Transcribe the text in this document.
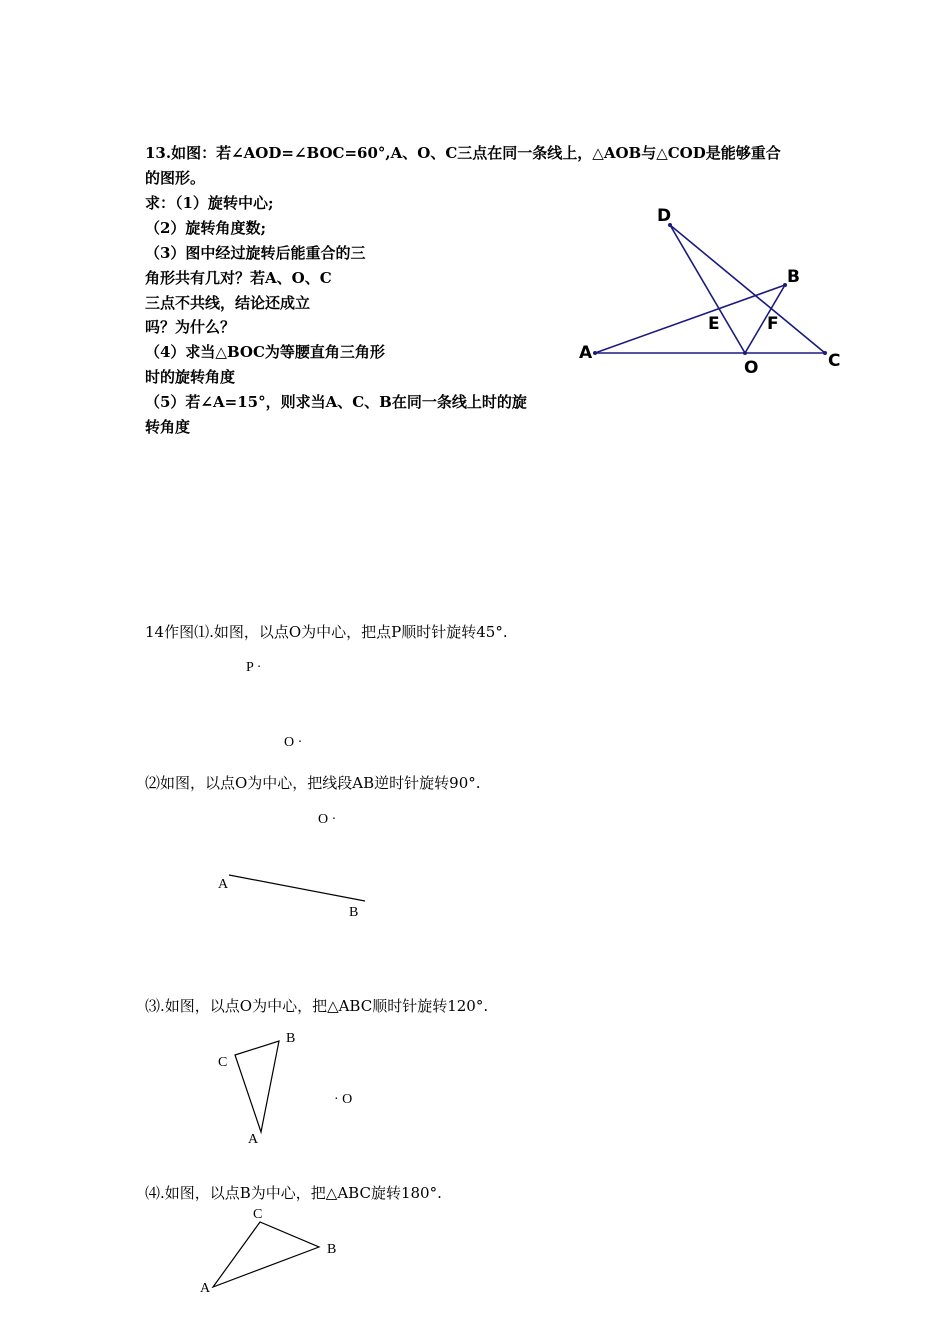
13.如图：若∠AOD=∠BOC=60°,A、O、C三点在同一条线上，△AOB与△COD是能够重合
的图形。
求：（1）旋转中心;
（2）旋转角度数;
（3）图中经过旋转后能重合的三
角形共有几对？若A、O、C
三点不共线，结论还成立
吗？为什么？
（4）求当△BOC为等腰直角三角形
时的旋转角度
（5）若∠A=15°，则求当A、C、B在同一条线上时的旋
转角度
D
B
E	F
A
O	C
14作图⑴.如图，以点O为中心，把点P顺时针旋转45°.
⑵如图，以点O为中心，把线段AB逆时针旋转90°.
⑶.如图，以点O为中心，把△ABC顺时针旋转120°.
⑷.如图，以点B为中心，把△ABC旋转180°.
P ·
O ·
O ·
A
B
B
C
A
· O
C
B
A
